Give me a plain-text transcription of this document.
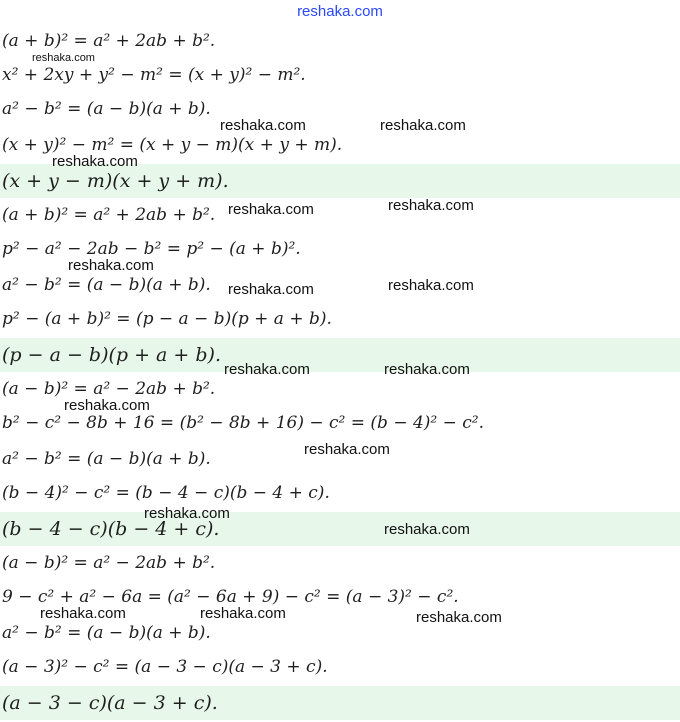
reshaka.com
(a + b)² = a² + 2ab + b².
x² + 2xy + y² − m² = (x + y)² − m².
a² − b² = (a − b)(a + b).
(x + y)² − m² = (x + y − m)(x + y + m).
(x + y − m)(x + y + m).
(a + b)² = a² + 2ab + b².
p² − a² − 2ab − b² = p² − (a + b)².
a² − b² = (a − b)(a + b).
p² − (a + b)² = (p − a − b)(p + a + b).
(p − a − b)(p + a + b).
(a − b)² = a² − 2ab + b².
b² − c² − 8b + 16 = (b² − 8b + 16) − c² = (b − 4)² − c².
a² − b² = (a − b)(a + b).
(b − 4)² − c² = (b − 4 − c)(b − 4 + c).
(b − 4 − c)(b − 4 + c).
(a − b)² = a² − 2ab + b².
9 − c² + a² − 6a = (a² − 6a + 9) − c² = (a − 3)² − c².
a² − b² = (a − b)(a + b).
(a − 3)² − c² = (a − 3 − c)(a − 3 + c).
(a − 3 − c)(a − 3 + c).
reshaka.com
reshaka.com	reshaka.com
reshaka.com
reshaka.com	reshaka.com
reshaka.com
reshaka.com	reshaka.com
reshaka.com	reshaka.com
reshaka.com
reshaka.com
reshaka.com
reshaka.com
reshaka.com	reshaka.com	reshaka.com
